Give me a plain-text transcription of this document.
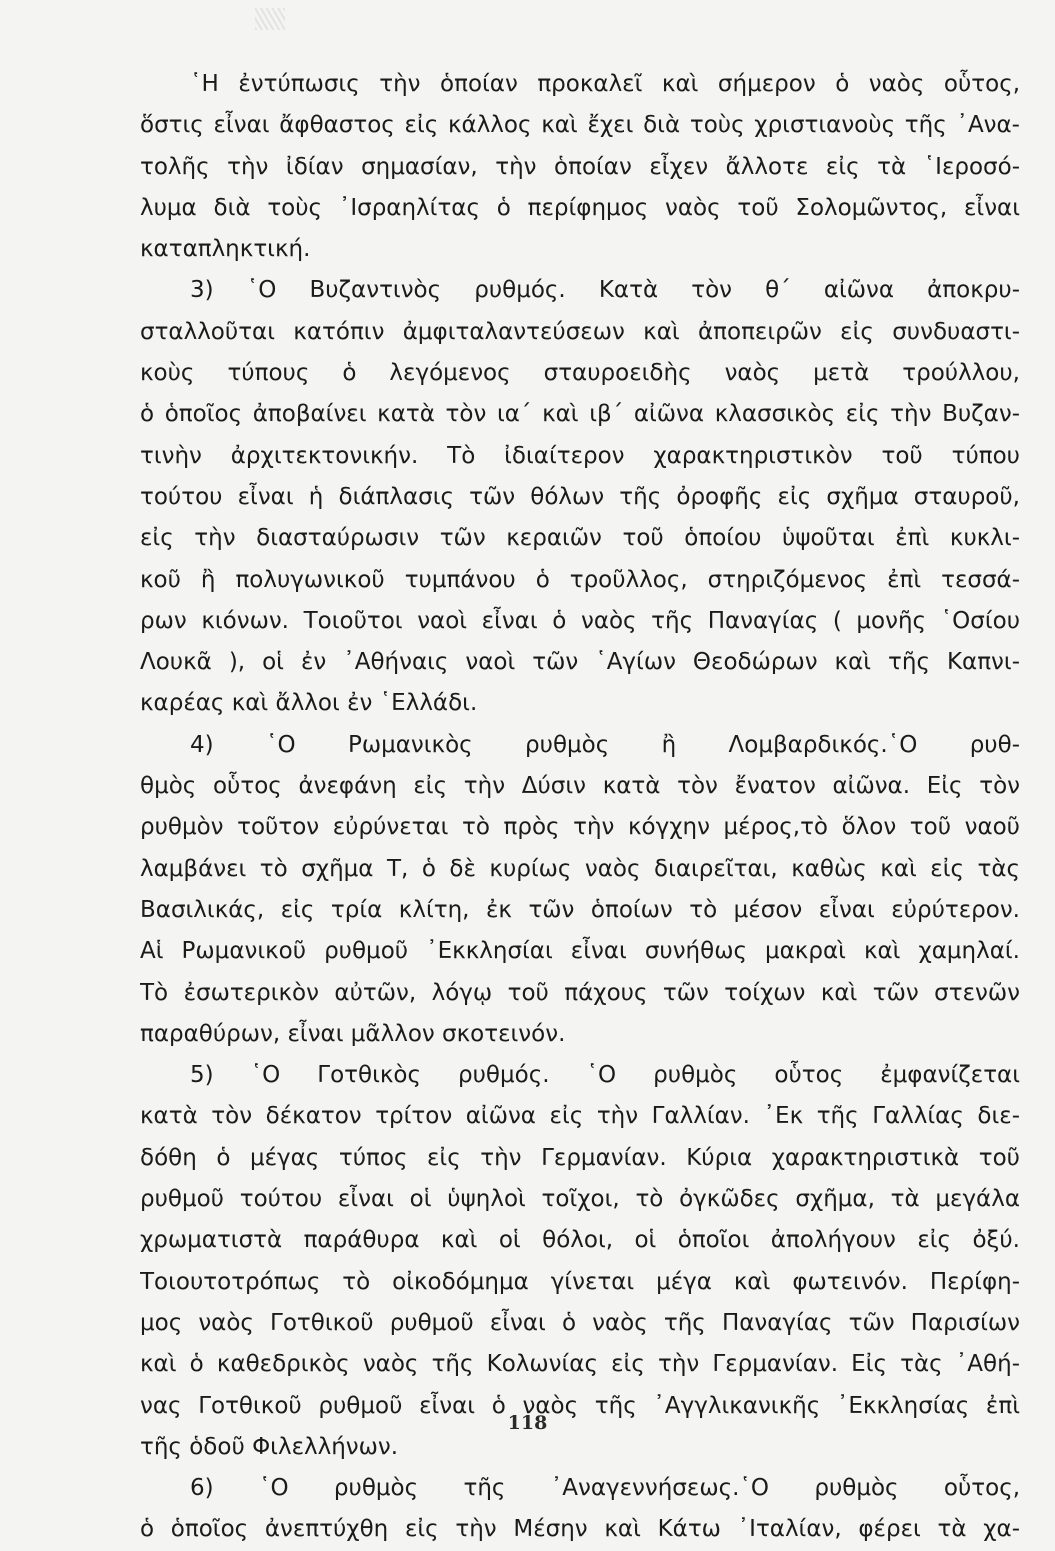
῾Η ἐντύπωσις τὴν ὁποίαν προκαλεῖ καὶ σήμερον ὁ ναὸς οὗτος,
ὅστις εἶναι ἄφθαστος εἰς κάλλος καὶ ἔχει διὰ τοὺς χριστιανοὺς τῆς ᾽Ανα-
τολῆς τὴν ἰδίαν σημασίαν, τὴν ὁποίαν εἶχεν ἄλλοτε εἰς τὰ ῾Ιεροσό-
λυμα διὰ τοὺς ᾽Ισραηλίτας ὁ περίφημος ναὸς τοῦ Σολομῶντος, εἶναι
καταπληκτική.
3) ῾Ο Βυζαντινὸς ρυθμός. Κατὰ τὸν θ΄ αἰῶνα ἀποκρυ-
σταλλοῦται κατόπιν ἀμφιταλαντεύσεων καὶ ἀποπειρῶν εἰς συνδυαστι-
κοὺς τύπους ὁ λεγόμενος σταυροειδὴς ναὸς μετὰ τρούλλου,
ὁ ὁποῖος ἀποβαίνει κατὰ τὸν ια΄ καὶ ιβ΄ αἰῶνα κλασσικὸς εἰς τὴν Βυζαν-
τινὴν ἀρχιτεκτονικήν. Τὸ ἰδιαίτερον χαρακτηριστικὸν τοῦ τύπου
τούτου εἶναι ἡ διάπλασις τῶν θόλων τῆς ὀροφῆς εἰς σχῆμα σταυροῦ,
εἰς τὴν διασταύρωσιν τῶν κεραιῶν τοῦ ὁποίου ὑψοῦται ἐπὶ κυκλι-
κοῦ ἢ πολυγωνικοῦ τυμπάνου ὁ τροῦλλος, στηριζόμενος ἐπὶ τεσσά-
ρων κιόνων. Τοιοῦτοι ναοὶ εἶναι ὁ ναὸς τῆς Παναγίας ( μονῆς ῾Οσίου
Λουκᾶ ), οἱ ἐν ᾽Αθήναις ναοὶ τῶν ῾Αγίων Θεοδώρων καὶ τῆς Καπνι-
καρέας καὶ ἄλλοι ἐν ῾Ελλάδι.
4) ῾Ο Ρωμανικὸς ρυθμὸς ἢ Λομβαρδικός.῾Ο ρυθ-
θμὸς οὗτος ἀνεφάνη εἰς τὴν Δύσιν κατὰ τὸν ἔνατον αἰῶνα. Εἰς τὸν
ρυθμὸν τοῦτον εὐρύνεται τὸ πρὸς τὴν κόγχην μέρος,τὸ ὅλον τοῦ ναοῦ
λαμβάνει τὸ σχῆμα Τ, ὁ δὲ κυρίως ναὸς διαιρεῖται, καθὼς καὶ εἰς τὰς
Βασιλικάς, εἰς τρία κλίτη, ἐκ τῶν ὁποίων τὸ μέσον εἶναι εὐρύτερον.
Αἱ Ρωμανικοῦ ρυθμοῦ ᾽Εκκλησίαι εἶναι συνήθως μακραὶ καὶ χαμηλαί.
Τὸ ἐσωτερικὸν αὐτῶν, λόγῳ τοῦ πάχους τῶν τοίχων καὶ τῶν στενῶν
παραθύρων, εἶναι μᾶλλον σκοτεινόν.
5) ῾Ο Γοτθικὸς ρυθμός. ῾Ο ρυθμὸς οὗτος ἐμφανίζεται
κατὰ τὸν δέκατον τρίτον αἰῶνα εἰς τὴν Γαλλίαν. ᾽Εκ τῆς Γαλλίας διε-
δόθη ὁ μέγας τύπος εἰς τὴν Γερμανίαν. Κύρια χαρακτηριστικὰ τοῦ
ρυθμοῦ τούτου εἶναι οἱ ὑψηλοὶ τοῖχοι, τὸ ὀγκῶδες σχῆμα, τὰ μεγάλα
χρωματιστὰ παράθυρα καὶ οἱ θόλοι, οἱ ὁποῖοι ἀπολήγουν εἰς ὀξύ.
Τοιουτοτρόπως τὸ οἰκοδόμημα γίνεται μέγα καὶ φωτεινόν. Περίφη-
μος ναὸς Γοτθικοῦ ρυθμοῦ εἶναι ὁ ναὸς τῆς Παναγίας τῶν Παρισίων
καὶ ὁ καθεδρικὸς ναὸς τῆς Κολωνίας εἰς τὴν Γερμανίαν. Εἰς τὰς ᾽Αθή-
νας Γοτθικοῦ ρυθμοῦ εἶναι ὁ ναὸς τῆς ᾽Αγγλικανικῆς ᾽Εκκλησίας ἐπὶ
τῆς ὁδοῦ Φιλελλήνων.
6) ῾Ο ρυθμὸς τῆς ᾽Αναγεννήσεως.῾Ο ρυθμὸς οὗτος,
ὁ ὁποῖος ἀνεπτύχθη εἰς τὴν Μέσην καὶ Κάτω ᾽Ιταλίαν, φέρει τὰ χα-
118
